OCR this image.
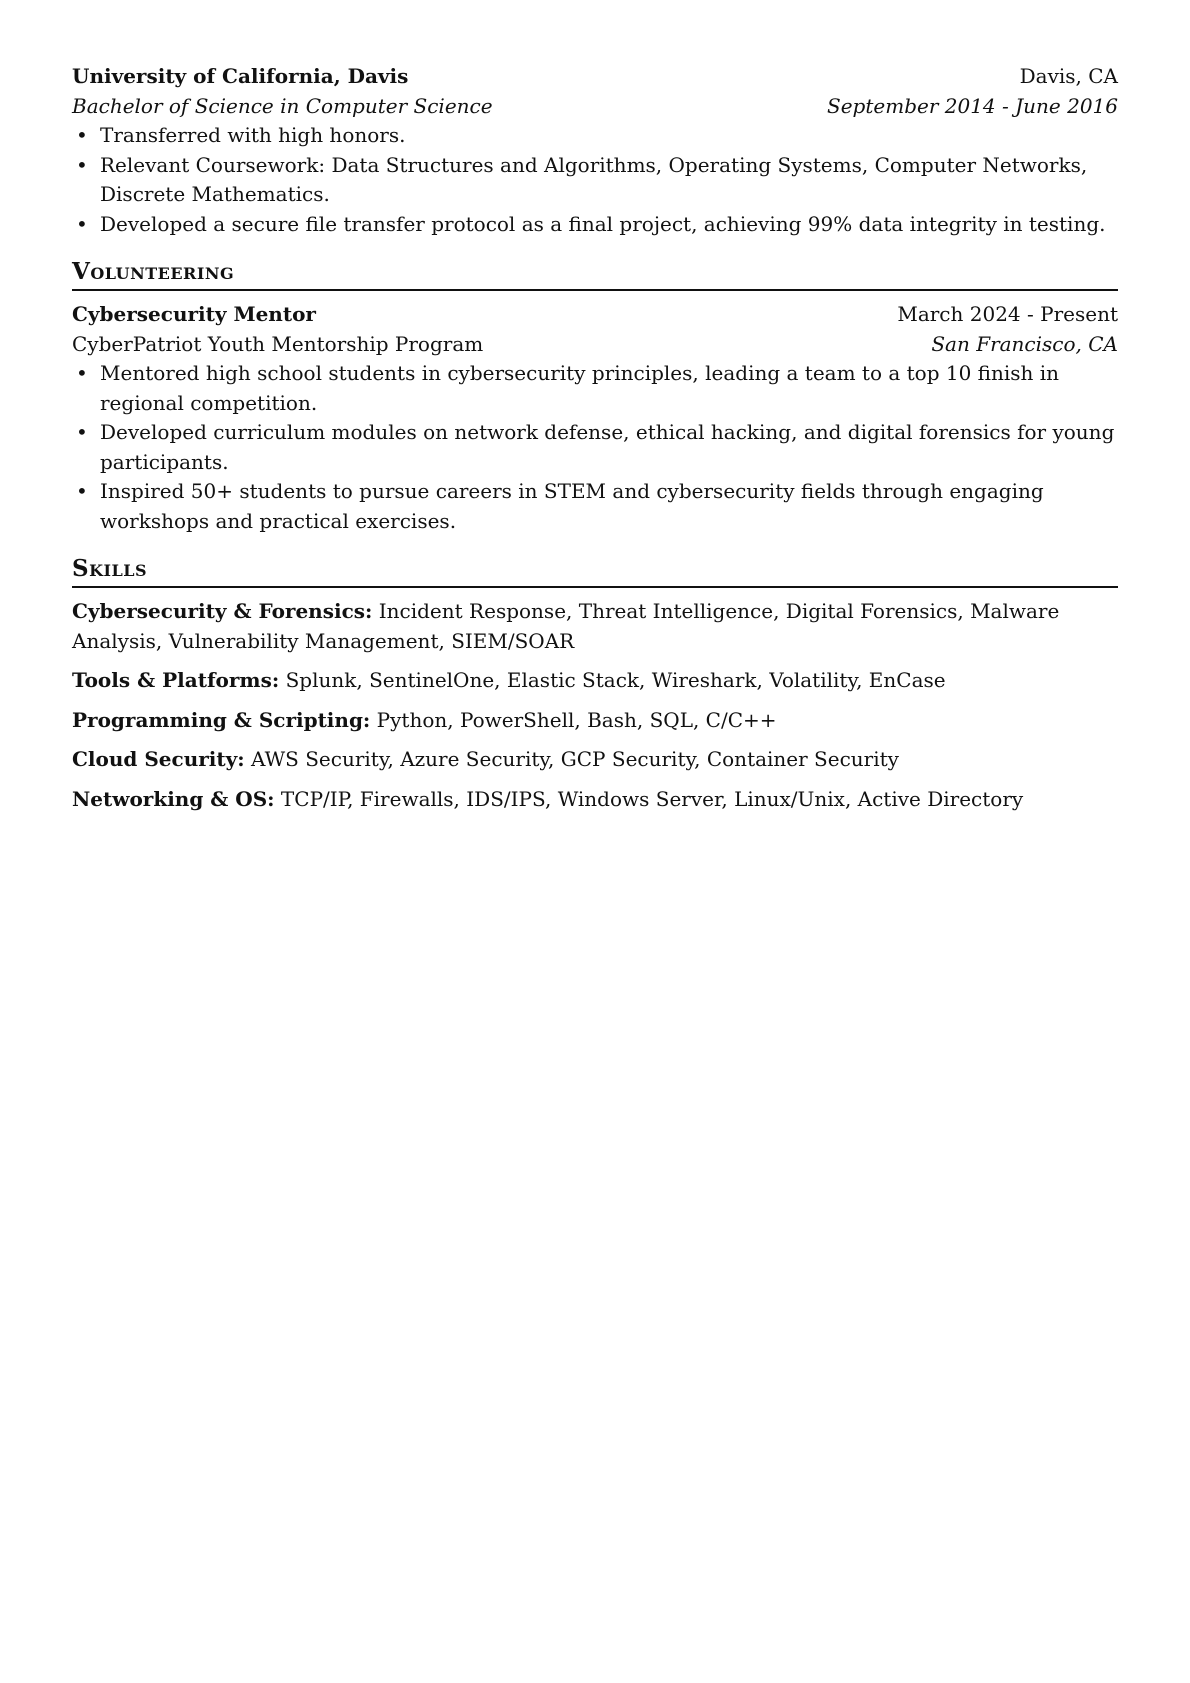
University of California, Davis	Davis, CA
Bachelor of Science in Computer Science	September 2014 - June 2016
• Transferred with high honors.
• Relevant Coursework: Data Structures and Algorithms, Operating Systems, Computer Networks, Discrete Mathematics.
• Developed a secure file transfer protocol as a final project, achieving 99% data integrity in testing.
Volunteering
Cybersecurity Mentor	March 2024 - Present
CyberPatriot Youth Mentorship Program	San Francisco, CA
• Mentored high school students in cybersecurity principles, leading a team to a top 10 finish in regional competition.
• Developed curriculum modules on network defense, ethical hacking, and digital forensics for young participants.
• Inspired 50+ students to pursue careers in STEM and cybersecurity fields through engaging workshops and practical exercises.
Skills
Cybersecurity & Forensics: Incident Response, Threat Intelligence, Digital Forensics, Malware Analysis, Vulnerability Management, SIEM/SOAR
Tools & Platforms: Splunk, SentinelOne, Elastic Stack, Wireshark, Volatility, EnCase
Programming & Scripting: Python, PowerShell, Bash, SQL, C/C++
Cloud Security: AWS Security, Azure Security, GCP Security, Container Security
Networking & OS: TCP/IP, Firewalls, IDS/IPS, Windows Server, Linux/Unix, Active Directory
